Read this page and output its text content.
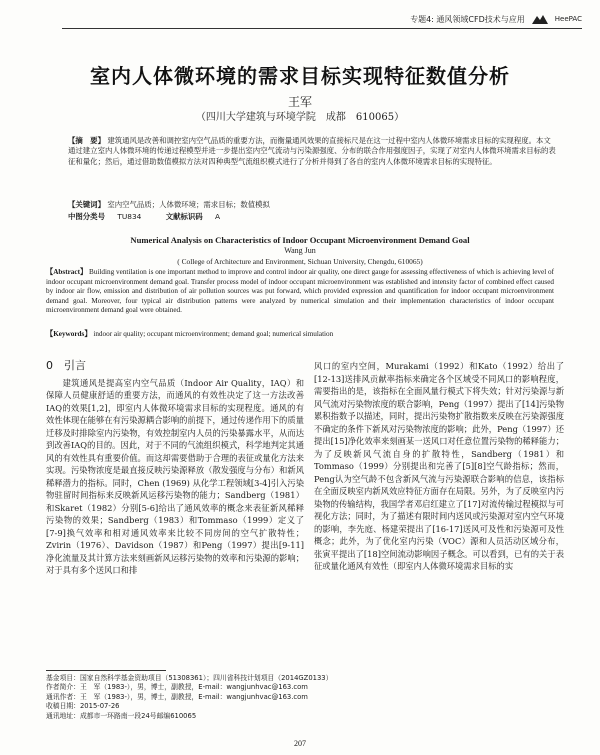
专题4: 通风领域CFD技术与应用	HeePAC
室内人体微环境的需求目标实现特征数值分析
王军
（四川大学建筑与环境学院　成都　610065）
【摘　要】 建筑通风是改善和调控室内空气品质的重要方法，而衡量通风效果的直接标尺是在这一过程中室内人体微环境需求目标的实现程度。本文通过建立室内人体微环境的传递过程模型并进一步提出室内空气流动与污染源强度、分布的联合作用强度因子，实现了对室内人体微环境需求目标的表征和量化；然后，通过借助数值模拟方法对四种典型气流组织模式进行了分析并得到了各自的室内人体微环境需求目标的实现特征。
【关键词】 室内空气品质；人体微环境；需求目标；数值模拟
中图分类号 TU834	文献标识码 A
Numerical Analysis on Characteristics of Indoor Occupant Microenvironment Demand Goal
Wang Jun
( College of Architecture and Environment, Sichuan University, Chengdu, 610065)
【Abstract】 Building ventilation is one important method to improve and control indoor air quality, one direct gauge for assessing effectiveness of which is achieving level of indoor occupant microenvironment demand goal. Transfer process model of indoor occupant microenvironment was established and intensity factor of combined effect caused by indoor air flow, emission and distribution of air pollution sources was put forward, which provided expression and quantification for indoor occupant microenvironment demand goal. Moreover, four typical air distribution patterns were analyzed by numerical simulation and their implementation characteristics of indoor occupant microenvironment demand goal were obtained.
【Keywords】 indoor air quality; occupant microenvironment; demand goal; numerical simulation
0　引言

建筑通风是提高室内空气品质（Indoor Air Quality，IAQ）和保障人员健康舒适的重要方法，而通风的有效性决定了这一方法改善IAQ的效果[1,2]，即室内人体微环境需求目标的实现程度。通风的有效性体现在能够在有污染源耦合影响的前提下，通过传递作用下的质量迁移及时排除室内污染物，有效控制室内人员的污染暴露水平，从而达到改善IAQ的目的。因此，对于不同的气流组织模式，科学地判定其通风的有效性具有重要价值。而这却需要借助于合理的表征或量化方法来实现。污染物浓度是最直接反映污染源释放（散发强度与分布）和新风稀释潜力的指标。同时，Chen (1969) 从化学工程领域[3-4]引入污染物驻留时间指标来反映新风运移污染物的能力；Sandberg（1981）和Skaret（1982）分别[5-6]给出了通风效率的概念来表征新风稀释污染物的效果；Sandberg（1983）和Tommaso（1999）定义了[7-9]换气效率和相对通风效率来比较不同房间的空气扩散特性；Zvirin（1976）、Davidson（1987）和Peng（1997）提出[9-11]净化流量及其计算方法来刻画新风运移污染物的效率和污染源的影响；对于具有多个送风口和排

风口的室内空间，Murakami（1992）和Kato（1992）给出了[12-13]送排风贡献率指标来确定各个区域受不同风口的影响程度，需要指出的是，该指标在全面风量行模式下将失效；针对污染源与新风气流对污染物浓度的联合影响，Peng（1997）提出了[14]污染物累积指数予以描述，同时，提出污染物扩散指数来反映在污染源强度不确定的条件下新风对污染物浓度的影响；此外，Peng（1997）还提出[15]净化效率来刻画某一送风口对任意位置污染物的稀释能力；为了反映新风气流自身的扩散特性，Sandberg（1981）和Tommaso（1999）分别提出和完善了[5][8]空气龄指标；然而，Peng认为空气龄不包含新风气流与污染源联合影响的信息，该指标在全面反映室内新风效应特征方面存在局限。另外，为了反映室内污染物的传输结构，我国学者邓启红建立了[17]对流传输过程模拟与可视化方法；同时，为了描述有限时间内送风或污染源对室内空气环境的影响，李先庭、杨建荣提出了[16-17]送风可及性和污染源可及性概念；此外，为了优化室内污染（VOC）源和人员活动区域分布，张寅平提出了[18]空间流动影响因子概念。可以看到，已有的关于表征或量化通风有效性（即室内人体微环境需求目标的实

基金项目：国家自然科学基金资助项目（51308361）；四川省科技计划项目（2014GZ0133）
作者简介：王　军（1983-），男，博士，副教授，E-mail：wangjunhvac@163.com
通讯作者：王　军（1983-），男，博士，副教授，E-mail：wangjunhvac@163.com
收稿日期：2015-07-26
通讯地址：成都市一环路南一段24号邮编610065
207
